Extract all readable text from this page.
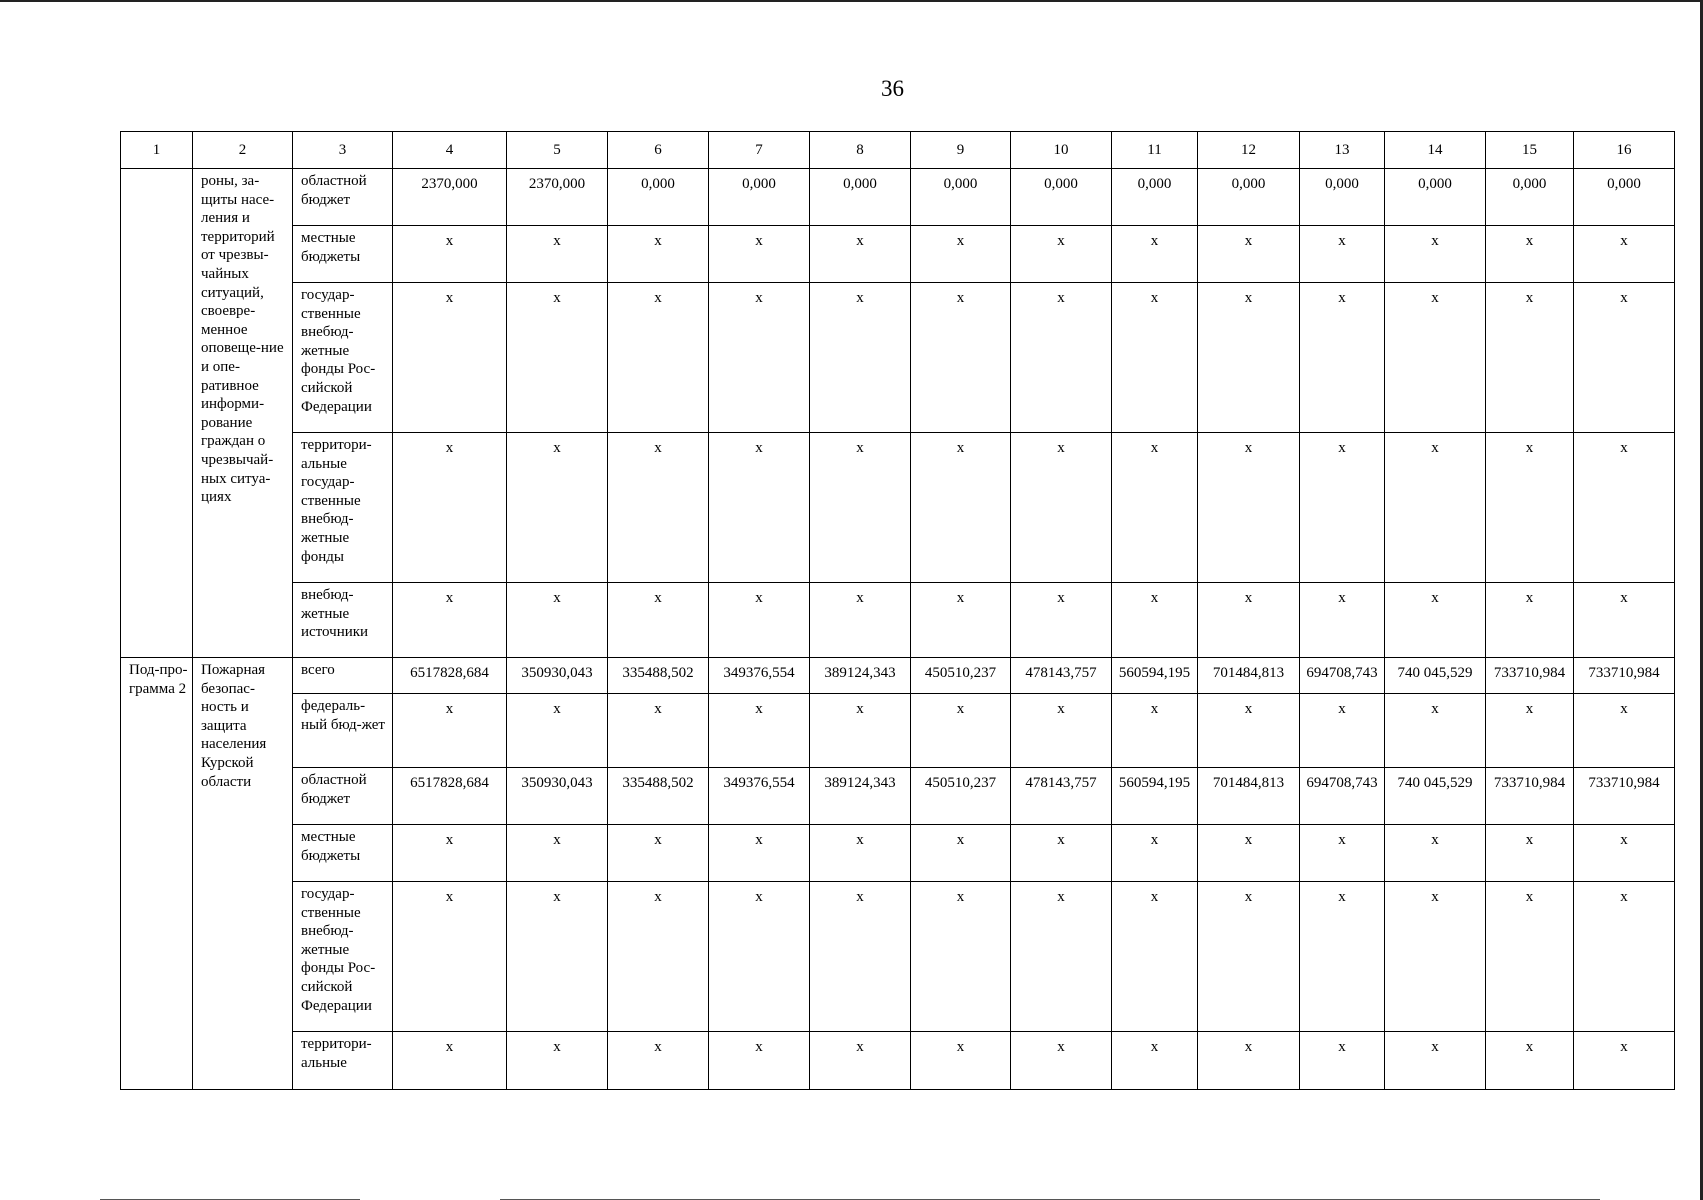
36
1	2	3	4	5	6	7	8	9	10	11	12	13	14	15	16
	роны, за-щиты насе-ления и территорий от чрезвы-чайных ситуаций, своевре-менное оповеще-ние и опе-ративное информи-рование граждан о чрезвычай-ных ситуа-циях	областной бюджет	2370,000	2370,000	0,000	0,000	0,000	0,000	0,000	0,000	0,000	0,000	0,000	0,000	0,000
		местные бюджеты	x	x	x	x	x	x	x	x	x	x	x	x	x
		государ-ственные внебюд-жетные фонды Рос-сийской Федерации	x	x	x	x	x	x	x	x	x	x	x	x	x
		территори-альные государ-ственные внебюд-жетные фонды	x	x	x	x	x	x	x	x	x	x	x	x	x
		внебюд-жетные источники	x	x	x	x	x	x	x	x	x	x	x	x	x
Под-про-грамма 2	Пожарная безопас-ность и защита населения Курской области	всего	6517828,684	350930,043	335488,502	349376,554	389124,343	450510,237	478143,757	560594,195	701484,813	694708,743	740 045,529	733710,984	733710,984
		федераль-ный бюд-жет	x	x	x	x	x	x	x	x	x	x	x	x	x
		областной бюджет	6517828,684	350930,043	335488,502	349376,554	389124,343	450510,237	478143,757	560594,195	701484,813	694708,743	740 045,529	733710,984	733710,984
		местные бюджеты	x	x	x	x	x	x	x	x	x	x	x	x	x
		государ-ственные внебюд-жетные фонды Рос-сийской Федерации	x	x	x	x	x	x	x	x	x	x	x	x	x
		территори-альные	x	x	x	x	x	x	x	x	x	x	x	x	x
